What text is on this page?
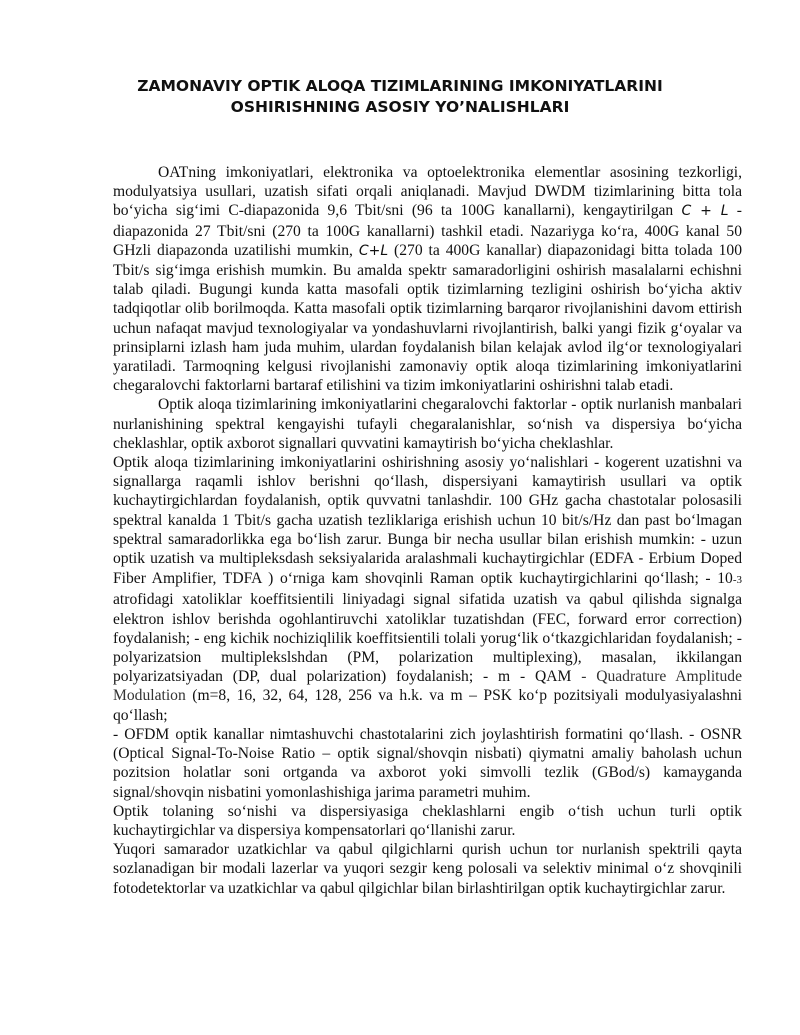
ZAMONAVIY OPTIK ALOQA TIZIMLARINING IMKONIYATLARINI
OSHIRISHNING ASOSIY YO’NALISHLARI

OATning imkoniyatlari, elektronika va optoelektronika elementlar asosining tezkorligi, modulyatsiya usullari, uzatish sifati orqali aniqlanadi. Mavjud DWDM tizimlarining bitta tola bo‘yicha sig‘imi C-diapazonida 9,6 Tbit/sni (96 ta 100G kanallarni), kengaytirilgan C + L -diapazonida 27 Tbit/sni (270 ta 100G kanallarni) tashkil etadi. Nazariyga ko‘ra, 400G kanal 50 GHzli diapazonda uzatilishi mumkin, C+L (270 ta 400G kanallar) diapazonidagi bitta tolada 100 Tbit/s sig‘imga erishish mumkin. Bu amalda spektr samaradorligini oshirish masalalarni echishni talab qiladi. Bugungi kunda katta masofali optik tizimlarning tezligini oshirish bo‘yicha aktiv tadqiqotlar olib borilmoqda. Katta masofali optik tizimlarning barqaror rivojlanishini davom ettirish uchun nafaqat mavjud texnologiyalar va yondashuvlarni rivojlantirish, balki yangi fizik g‘oyalar va prinsiplarni izlash ham juda muhim, ulardan foydalanish bilan kelajak avlod ilg‘or texnologiyalari yaratiladi. Tarmoqning kelgusi rivojlanishi zamonaviy optik aloqa tizimlarining imkoniyatlarini chegaralovchi faktorlarni bartaraf etilishini va tizim imkoniyatlarini oshirishni talab etadi.

Optik aloqa tizimlarining imkoniyatlarini chegaralovchi faktorlar - optik nurlanish manbalari nurlanishining spektral kengayishi tufayli chegaralanishlar, so‘nish va dispersiya bo‘yicha cheklashlar, optik axborot signallari quvvatini kamaytirish bo‘yicha cheklashlar.

Optik aloqa tizimlarining imkoniyatlarini oshirishning asosiy yo‘nalishlari - kogerent uzatishni va signallarga raqamli ishlov berishni qo‘llash, dispersiyani kamaytirish usullari va optik kuchaytirgichlardan foydalanish, optik quvvatni tanlashdir. 100 GHz gacha chastotalar polosasili spektral kanalda 1 Tbit/s gacha uzatish tezliklariga erishish uchun 10 bit/s/Hz dan past bo‘lmagan spektral samaradorlikka ega bo‘lish zarur. Bunga bir necha usullar bilan erishish mumkin: - uzun optik uzatish va multipleksdash seksiyalarida aralashmali kuchaytirgichlar (EDFA - Erbium Doped Fiber Amplifier, TDFA ) o‘rniga kam shovqinli Raman optik kuchaytirgichlarini qo‘llash; - 10-3 atrofidagi xatoliklar koeffitsientili liniyadagi signal sifatida uzatish va qabul qilishda signalga elektron ishlov berishda ogohlantiruvchi xatoliklar tuzatishdan (FEC, forward error correction) foydalanish; - eng kichik nochiziqlilik koeffitsientili tolali yorug‘lik o‘tkazgichlaridan foydalanish; - polyarizatsion multiplekslshdan (PM, polarization multiplexing), masalan, ikkilangan polyarizatsiyadan (DP, dual polarization) foydalanish; - m - QAM - Quadrature Amplitude Modulation (m=8, 16, 32, 64, 128, 256 va h.k. va m – PSK ko‘p pozitsiyali modulyasiyalashni qo‘llash;

- OFDM optik kanallar nimtashuvchi chastotalarini zich joylashtirish formatini qo‘llash. - OSNR (Optical Signal-To-Noise Ratio – optik signal/shovqin nisbati) qiymatni amaliy baholash uchun pozitsion holatlar soni ortganda va axborot yoki simvolli tezlik (GBod/s) kamayganda signal/shovqin nisbatini yomonlashishiga jarima parametri muhim.

Optik tolaning so‘nishi va dispersiyasiga cheklashlarni engib o‘tish uchun turli optik kuchaytirgichlar va dispersiya kompensatorlari qo‘llanishi zarur.

Yuqori samarador uzatkichlar va qabul qilgichlarni qurish uchun tor nurlanish spektrili qayta sozlanadigan bir modali lazerlar va yuqori sezgir keng polosali va selektiv minimal o‘z shovqinili fotodetektorlar va uzatkichlar va qabul qilgichlar bilan birlashtirilgan optik kuchaytirgichlar zarur.
